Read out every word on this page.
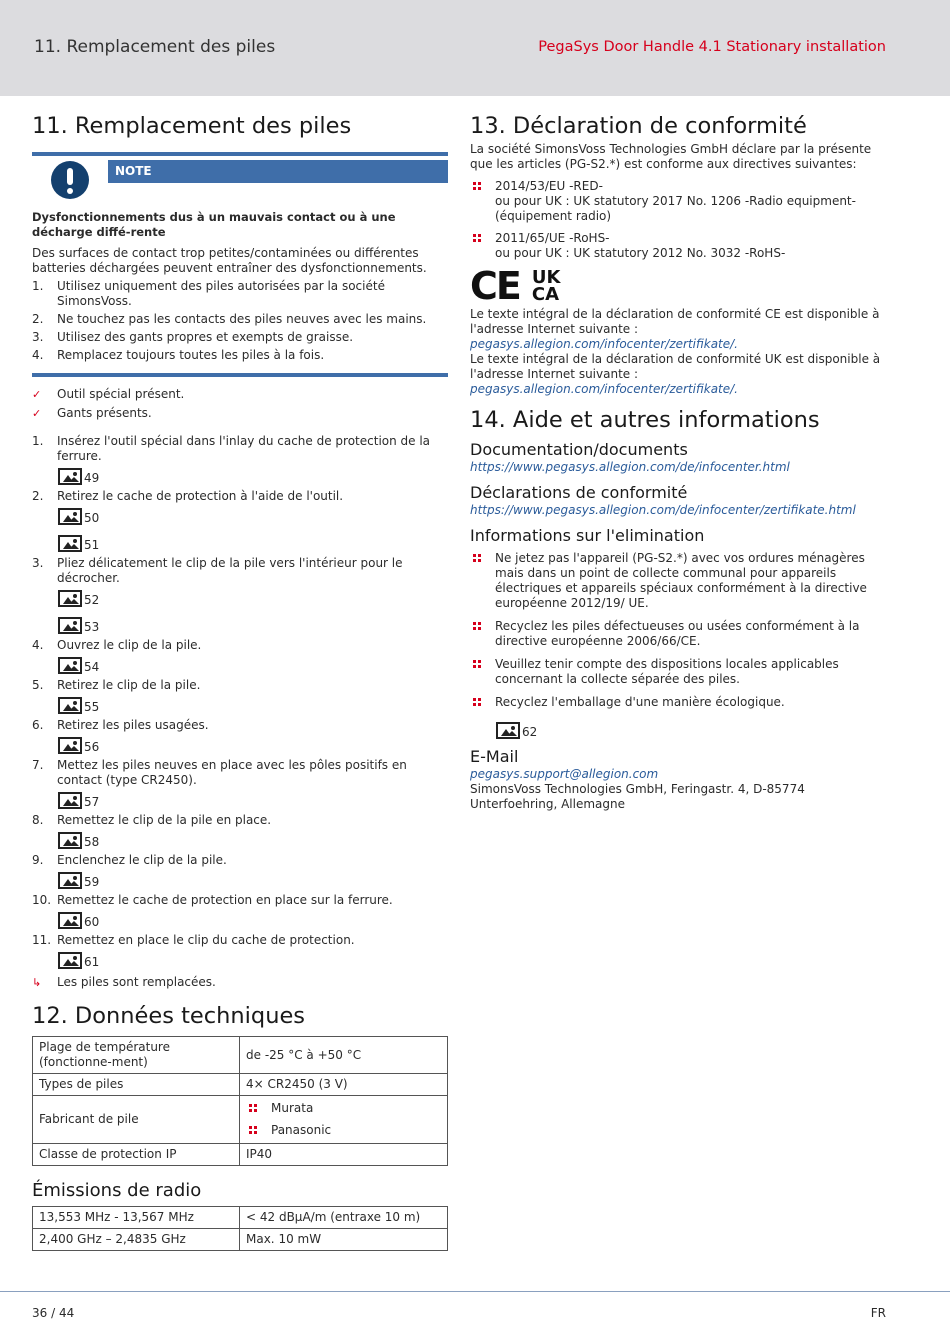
11. Remplacement des piles	PegaSys Door Handle 4.1 Stationary installation
11. Remplacement des piles
NOTE

Dysfonctionnements dus à un mauvais contact ou à une décharge diffé-rente

Des surfaces de contact trop petites/contaminées ou différentes batteries déchargées peuvent entraîner des dysfonctionnements.

1. Utilisez uniquement des piles autorisées par la société SimonsVoss.
2. Ne touchez pas les contacts des piles neuves avec les mains.
3. Utilisez des gants propres et exempts de graisse.
4. Remplacez toujours toutes les piles à la fois.
✓ Outil spécial présent.
✓ Gants présents.
1. Insérez l'outil spécial dans l'inlay du cache de protection de la ferrure.
49
2. Retirez le cache de protection à l'aide de l'outil.
50
51
3. Pliez délicatement le clip de la pile vers l'intérieur pour le décrocher.
52
53
4. Ouvrez le clip de la pile.
54
5. Retirez le clip de la pile.
55
6. Retirez les piles usagées.
56
7. Mettez les piles neuves en place avec les pôles positifs en contact (type CR2450).
57
8. Remettez le clip de la pile en place.
58
9. Enclenchez le clip de la pile.
59
10. Remettez le cache de protection en place sur la ferrure.
60
11. Remettez en place le clip du cache de protection.
61
↳ Les piles sont remplacées.
12. Données techniques
Plage de température (fonctionne-ment)	de -25 °C à +50 °C
Types de piles	4× CR2450 (3 V)
Fabricant de pile	Murata
Panasonic

Classe de protection IP	IP40
Émissions de radio
13,553 MHz - 13,567 MHz	< 42 dBµA/m (entraxe 10 m)
2,400 GHz – 2,4835 GHz	Max. 10 mW
13. Déclaration de conformité

La société SimonsVoss Technologies GmbH déclare par la présente que les articles (PG-S2.*) est conforme aux directives suivantes:

2014/53/EU -RED-
ou pour UK : UK statutory 2017 No. 1206 -Radio equipment- (équipement radio)
2011/65/UE -RoHS-
ou pour UK : UK statutory 2012 No. 3032 -RoHS-
CE UK
CA

Le texte intégral de la déclaration de conformité CE est disponible à l'adresse Internet suivante : pegasys.allegion.com/infocenter/zertifikate/.

Le texte intégral de la déclaration de conformité UK est disponible à l'adresse Internet suivante : pegasys.allegion.com/infocenter/zertifikate/.

14. Aide et autres informations
Documentation/documents

https://www.pegasys.allegion.com/de/infocenter.html

Déclarations de conformité

https://www.pegasys.allegion.com/de/infocenter/zertifikate.html

Informations sur l'elimination
Ne jetez pas l'appareil (PG-S2.*) avec vos ordures ménagères mais dans un point de collecte communal pour appareils électriques et appareils spéciaux conformément à la directive européenne 2012/19/ UE.
Recyclez les piles défectueuses ou usées conformément à la directive européenne 2006/66/CE.
Veuillez tenir compte des dispositions locales applicables concernant la collecte séparée des piles.
Recyclez l'emballage d'une manière écologique.
62
E-Mail

pegasys.support@allegion.com

SimonsVoss Technologies GmbH, Feringastr. 4, D-85774 Unterfoehring, Allemagne

36 / 44	FR
